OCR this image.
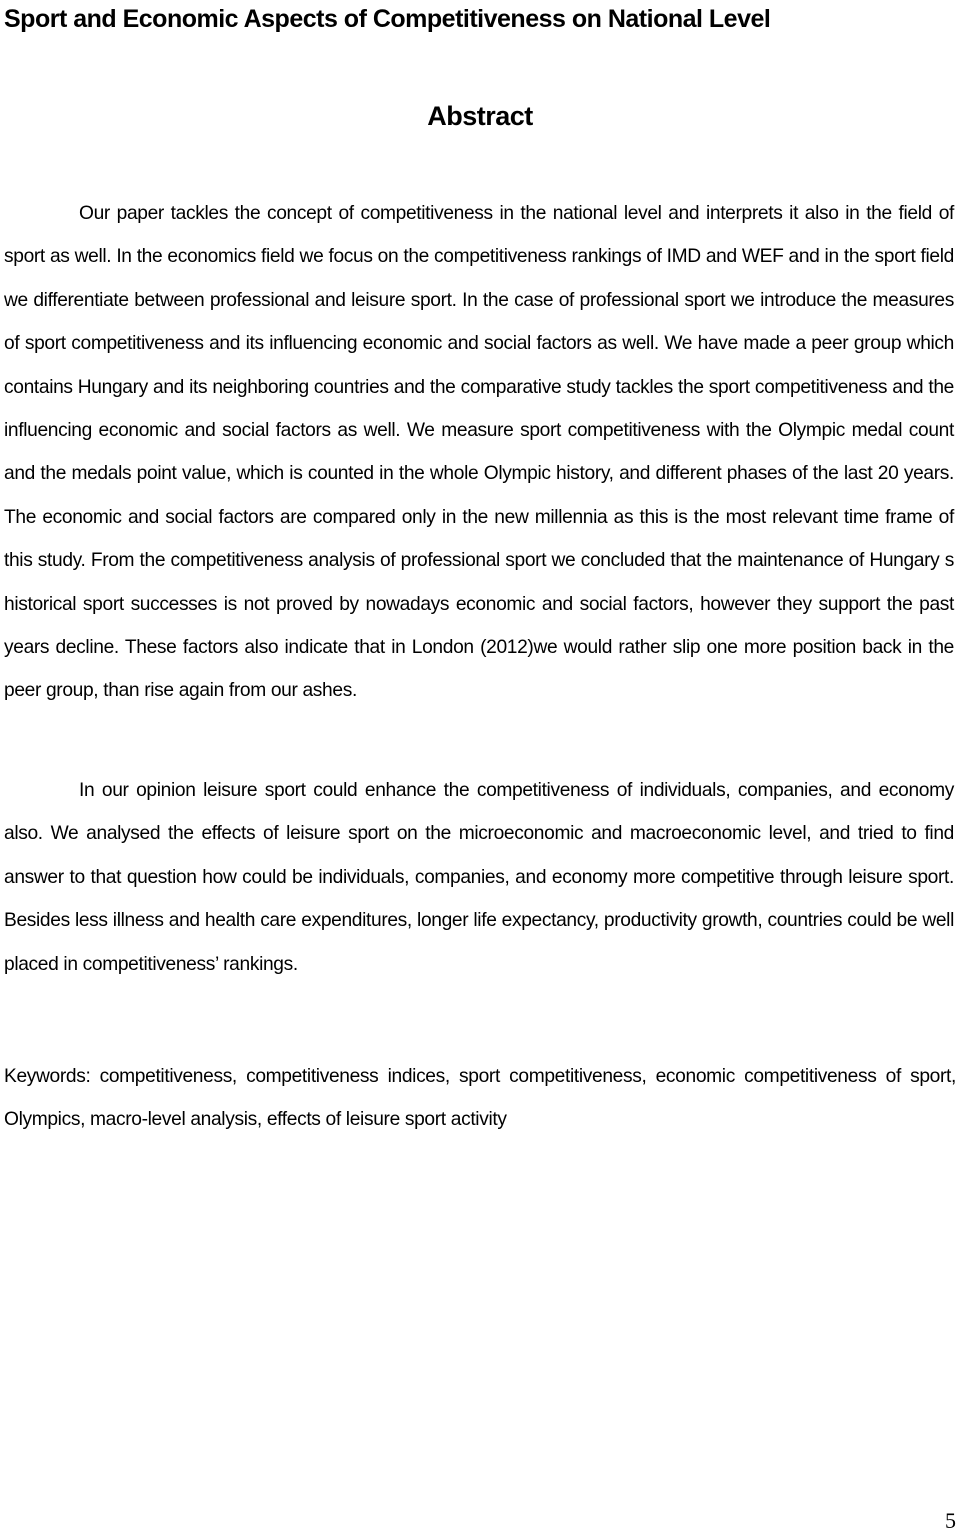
Sport and Economic Aspects of Competitiveness on National Level
Abstract

Our paper tackles the concept of competitiveness in the national level and interprets it also in the field of sport as well. In the economics field we focus on the competitiveness rankings of IMD and WEF and in the sport field we differentiate between professional and leisure sport. In the case of professional sport we introduce the measures of sport competitiveness and its influencing economic and social factors as well. We have made a peer group which contains Hungary and its neighboring countries and the comparative study tackles the sport competitiveness and the influencing economic and social factors as well. We measure sport competitiveness with the Olympic medal count and the medals point value, which is counted in the whole Olympic history, and different phases of the last 20 years. The economic and social factors are compared only in the new millennia as this is the most relevant time frame of this study. From the competitiveness analysis of professional sport we concluded that the maintenance of Hungary s historical sport successes is not proved by nowadays economic and social factors, however they support the past years decline. These factors also indicate that in London (2012)we would rather slip one more position back in the peer group, than rise again from our ashes.

In our opinion leisure sport could enhance the competitiveness of individuals, companies, and economy also. We analysed the effects of leisure sport on the microeconomic and macroeconomic level, and tried to find answer to that question how could be individuals, companies, and economy more competitive through leisure sport. Besides less illness and health care expenditures, longer life expectancy, productivity growth, countries could be well placed in competitiveness’ rankings.

Keywords: competitiveness, competitiveness indices, sport competitiveness, economic competitiveness of sport, Olympics, macro-level analysis, effects of leisure sport activity

5
